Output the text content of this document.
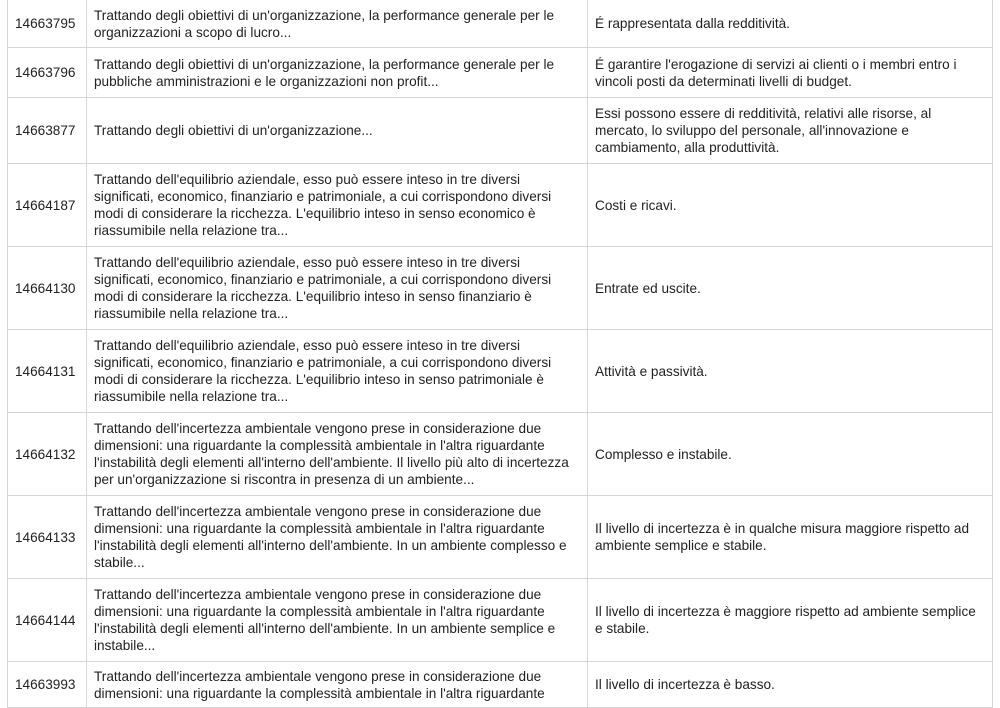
14663795	Trattando degli obiettivi di un'organizzazione, la performance generale per le organizzazioni a scopo di lucro...	É rappresentata dalla redditività.
14663796	Trattando degli obiettivi di un'organizzazione, la performance generale per le pubbliche amministrazioni e le organizzazioni non profit...	É garantire l'erogazione di servizi ai clienti o i membri entro i vincoli posti da determinati livelli di budget.
14663877	Trattando degli obiettivi di un'organizzazione...	Essi possono essere di redditività, relativi alle risorse, al mercato, lo sviluppo del personale, all'innovazione e cambiamento, alla produttività.
14664187	Trattando dell'equilibrio aziendale, esso può essere inteso in tre diversi significati, economico, finanziario e patrimoniale, a cui corrispondono diversi modi di considerare la ricchezza. L'equilibrio inteso in senso economico è riassumibile nella relazione tra...	Costi e ricavi.
14664130	Trattando dell'equilibrio aziendale, esso può essere inteso in tre diversi significati, economico, finanziario e patrimoniale, a cui corrispondono diversi modi di considerare la ricchezza. L'equilibrio inteso in senso finanziario è riassumibile nella relazione tra...	Entrate ed uscite.
14664131	Trattando dell'equilibrio aziendale, esso può essere inteso in tre diversi significati, economico, finanziario e patrimoniale, a cui corrispondono diversi modi di considerare la ricchezza. L'equilibrio inteso in senso patrimoniale è riassumibile nella relazione tra...	Attività e passività.
14664132	Trattando dell'incertezza ambientale vengono prese in considerazione due dimensioni: una riguardante la complessità ambientale in l'altra riguardante l'instabilità degli elementi all'interno dell'ambiente. Il livello più alto di incertezza per un'organizzazione si riscontra in presenza di un ambiente...	Complesso e instabile.
14664133	Trattando dell'incertezza ambientale vengono prese in considerazione due dimensioni: una riguardante la complessità ambientale in l'altra riguardante l'instabilità degli elementi all'interno dell'ambiente. In un ambiente complesso e stabile...	Il livello di incertezza è in qualche misura maggiore rispetto ad ambiente semplice e stabile.
14664144	Trattando dell'incertezza ambientale vengono prese in considerazione due dimensioni: una riguardante la complessità ambientale in l'altra riguardante l'instabilità degli elementi all'interno dell'ambiente. In un ambiente semplice e instabile...	Il livello di incertezza è maggiore rispetto ad ambiente semplice e stabile.
14663993	Trattando dell'incertezza ambientale vengono prese in considerazione due dimensioni: una riguardante la complessità ambientale in l'altra riguardante	Il livello di incertezza è basso.
